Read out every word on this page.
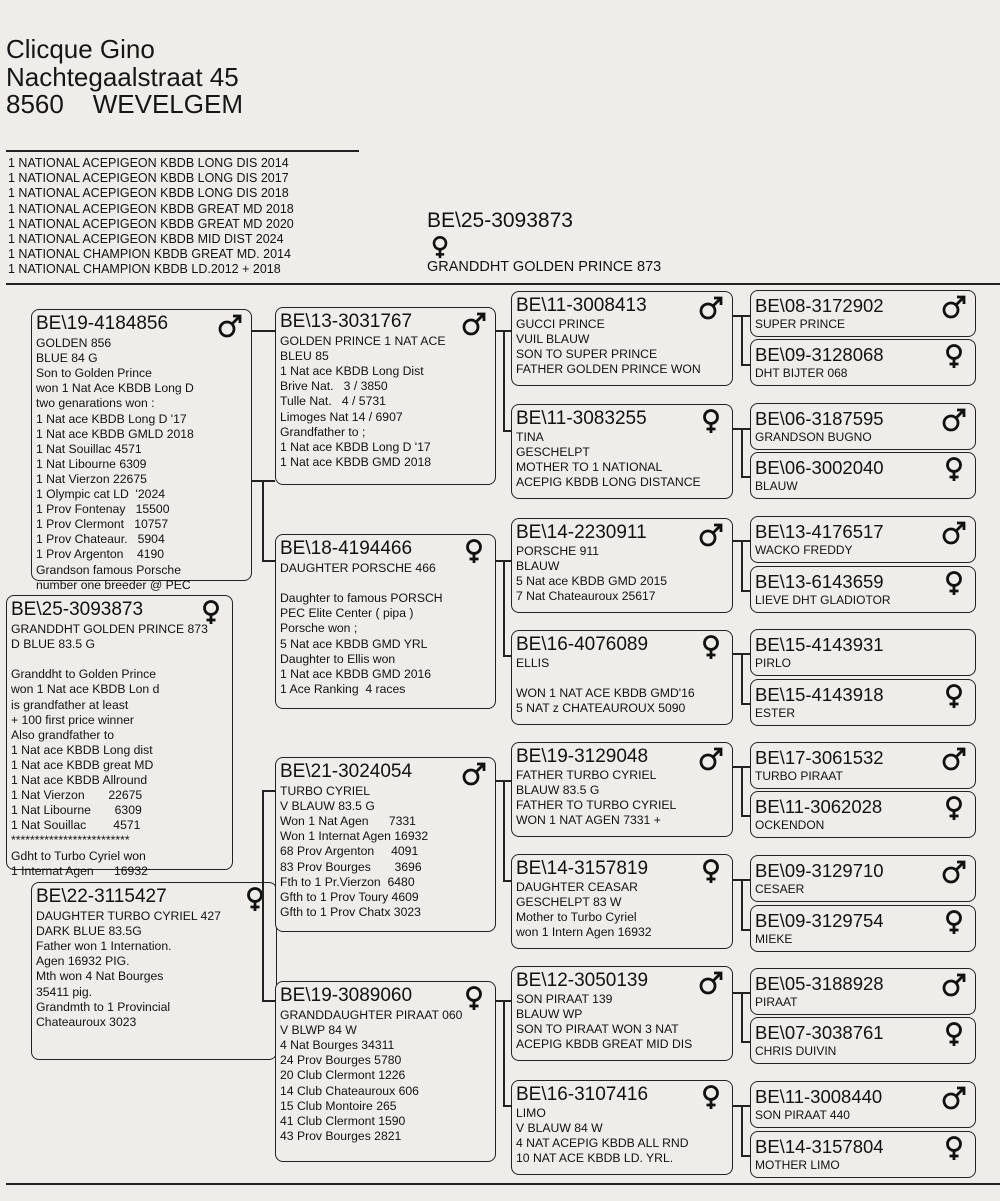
Clicque Gino
Nachtegaalstraat 45
8560    WEVELGEM
1 NATIONAL ACEPIGEON KBDB LONG DIS 2014
1 NATIONAL ACEPIGEON KBDB LONG DIS 2017
1 NATIONAL ACEPIGEON KBDB LONG DIS 2018
1 NATIONAL ACEPIGEON KBDB GREAT MD 2018
1 NATIONAL ACEPIGEON KBDB GREAT MD 2020
1 NATIONAL ACEPIGEON KBDB MID DIST 2024
1 NATIONAL CHAMPION KBDB GREAT MD. 2014
1 NATIONAL CHAMPION KBDB LD.2012 + 2018
BE\25-3093873
GRANDDHT GOLDEN PRINCE 873
BE\25-3093873
GRANDDHT GOLDEN PRINCE 873
D BLUE 83.5 G
Granddht to Golden Prince
won 1 Nat ace KBDB Lon d
is grandfather at least
+ 100 first price winner
Also grandfather to
1 Nat ace KBDB Long dist
1 Nat ace KBDB great MD
1 Nat ace KBDB Allround
1 Nat Vierzon       22675
1 Nat Libourne       6309
1 Nat Souillac        4571
*************************
Gdht to Turbo Cyriel won
1 Internat Agen      16932
BE\19-4184856
GOLDEN 856
BLUE 84 G
Son to Golden Prince
won 1 Nat Ace KBDB Long D
two genarations won :
1 Nat ace KBDB Long D '17
1 Nat ace KBDB GMLD 2018
1 Nat Souillac 4571
1 Nat Libourne 6309
1 Nat Vierzon 22675
1 Olympic cat LD  '2024
1 Prov Fontenay   15500
1 Prov Clermont   10757
1 Prov Chateaur.   5904
1 Prov Argenton    4190
Grandson famous Porsche
number one breeder @ PEC
BE\22-3115427
DAUGHTER TURBO CYRIEL 427
DARK BLUE 83.5G
Father won 1 Internation.
Agen 16932 PIG.
Mth won 4 Nat Bourges
35411 pig.
Grandmth to 1 Provincial
Chateauroux 3023
BE\13-3031767
GOLDEN PRINCE 1 NAT ACE
BLEU 85
1 Nat ace KBDB Long Dist
Brive Nat.   3 / 3850
Tulle Nat.   4 / 5731
Limoges Nat 14 / 6907
Grandfather to ;
1 Nat ace KBDB Long D '17
1 Nat ace KBDB GMD 2018
BE\18-4194466
DAUGHTER PORSCHE 466
Daughter to famous PORSCH
PEC Elite Center ( pipa )
Porsche won ;
5 Nat ace KBDB GMD YRL
Daughter to Ellis won
1 Nat ace KBDB GMD 2016
1 Ace Ranking  4 races
BE\21-3024054
TURBO CYRIEL
V BLAUW 83.5 G
Won 1 Nat Agen      7331
Won 1 Internat Agen 16932
68 Prov Argenton     4091
83 Prov Bourges       3696
Fth to 1 Pr.Vierzon  6480
Gfth to 1 Prov Toury 4609
Gfth to 1 Prov Chatx 3023
BE\19-3089060
GRANDDAUGHTER PIRAAT 060
V BLWP 84 W
4 Nat Bourges 34311
24 Prov Bourges 5780
20 Club Clermont 1226
14 Club Chateauroux 606
15 Club Montoire 265
41 Club Clermont 1590
43 Prov Bourges 2821
BE\11-3008413
GUCCI PRINCE
VUIL BLAUW
SON TO SUPER PRINCE
FATHER GOLDEN PRINCE WON
BE\11-3083255
TINA
GESCHELPT
MOTHER TO 1 NATIONAL
ACEPIG KBDB LONG DISTANCE
BE\14-2230911
PORSCHE 911
BLAUW
5 Nat ace KBDB GMD 2015
7 Nat Chateauroux 25617
BE\16-4076089
ELLIS
WON 1 NAT ACE KBDB GMD'16
5 NAT z CHATEAUROUX 5090
BE\19-3129048
FATHER TURBO CYRIEL
BLAUW 83.5 G
FATHER TO TURBO CYRIEL
WON 1 NAT AGEN 7331 +
BE\14-3157819
DAUGHTER CEASAR
GESCHELPT 83 W
Mother to Turbo Cyriel
won 1 Intern Agen 16932
BE\12-3050139
SON PIRAAT 139
BLAUW WP
SON TO PIRAAT WON 3 NAT
ACEPIG KBDB GREAT MID DIS
BE\16-3107416
LIMO
V BLAUW 84 W
4 NAT ACEPIG KBDB ALL RND
10 NAT ACE KBDB LD. YRL.
BE\08-3172902
SUPER PRINCE
BE\09-3128068
DHT BIJTER 068
BE\06-3187595
GRANDSON BUGNO
BE\06-3002040
BLAUW
BE\13-4176517
WACKO FREDDY
BE\13-6143659
LIEVE DHT GLADIOTOR
BE\15-4143931
PIRLO
BE\15-4143918
ESTER
BE\17-3061532
TURBO PIRAAT
BE\11-3062028
OCKENDON
BE\09-3129710
CESAER
BE\09-3129754
MIEKE
BE\05-3188928
PIRAAT
BE\07-3038761
CHRIS DUIVIN
BE\11-3008440
SON PIRAAT 440
BE\14-3157804
MOTHER LIMO
